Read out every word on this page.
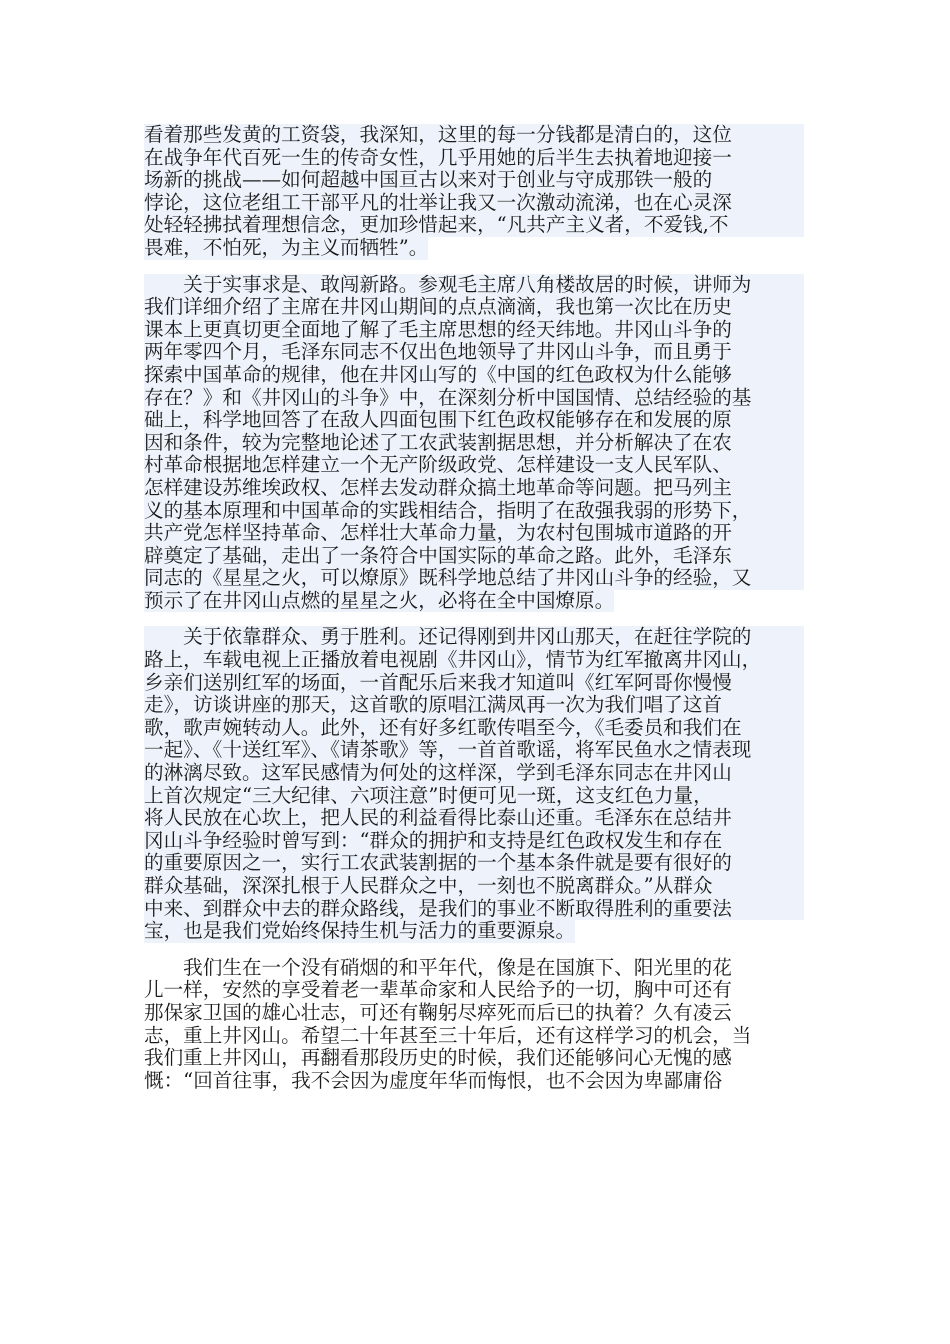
看着那些发黄的工资袋，我深知，这里的每一分钱都是清白的，这位
在战争年代百死一生的传奇女性，几乎用她的后半生去执着地迎接一
场新的挑战——如何超越中国亘古以来对于创业与守成那铁一般的
悖论，这位老组工干部平凡的壮举让我又一次激动流涕，也在心灵深
处轻轻拂拭着理想信念，更加珍惜起来，“凡共产主义者，不爱钱,不
畏难，不怕死，为主义而牺牲”。
　　关于实事求是、敢闯新路。参观毛主席八角楼故居的时候，讲师为
我们详细介绍了主席在井冈山期间的点点滴滴，我也第一次比在历史
课本上更真切更全面地了解了毛主席思想的经天纬地。井冈山斗争的
两年零四个月，毛泽东同志不仅出色地领导了井冈山斗争，而且勇于
探索中国革命的规律，他在井冈山写的《中国的红色政权为什么能够
存在？》和《井冈山的斗争》中，在深刻分析中国国情、总结经验的基
础上，科学地回答了在敌人四面包围下红色政权能够存在和发展的原
因和条件，较为完整地论述了工农武装割据思想，并分析解决了在农
村革命根据地怎样建立一个无产阶级政党、怎样建设一支人民军队、
怎样建设苏维埃政权、怎样去发动群众搞土地革命等问题。把马列主
义的基本原理和中国革命的实践相结合，指明了在敌强我弱的形势下，
共产党怎样坚持革命、怎样壮大革命力量，为农村包围城市道路的开
辟奠定了基础，走出了一条符合中国实际的革命之路。此外，毛泽东
同志的《星星之火，可以燎原》既科学地总结了井冈山斗争的经验，又
预示了在井冈山点燃的星星之火，必将在全中国燎原。
　　关于依靠群众、勇于胜利。还记得刚到井冈山那天，在赶往学院的
路上，车载电视上正播放着电视剧《井冈山》，情节为红军撤离井冈山，
乡亲们送别红军的场面，一首配乐后来我才知道叫《红军阿哥你慢慢
走》，访谈讲座的那天，这首歌的原唱江满凤再一次为我们唱了这首
歌，歌声婉转动人。此外，还有好多红歌传唱至今，《毛委员和我们在
一起》、《十送红军》、《请茶歌》等，一首首歌谣，将军民鱼水之情表现
的淋漓尽致。这军民感情为何处的这样深，学到毛泽东同志在井冈山
上首次规定“三大纪律、六项注意”时便可见一斑，这支红色力量，
将人民放在心坎上，把人民的利益看得比泰山还重。毛泽东在总结井
冈山斗争经验时曾写到：“群众的拥护和支持是红色政权发生和存在
的重要原因之一，实行工农武装割据的一个基本条件就是要有很好的
群众基础，深深扎根于人民群众之中，一刻也不脱离群众。”从群众
中来、到群众中去的群众路线，是我们的事业不断取得胜利的重要法
宝，也是我们党始终保持生机与活力的重要源泉。
　　我们生在一个没有硝烟的和平年代，像是在国旗下、阳光里的花
儿一样，安然的享受着老一辈革命家和人民给予的一切，胸中可还有
那保家卫国的雄心壮志，可还有鞠躬尽瘁死而后已的执着？久有凌云
志，重上井冈山。希望二十年甚至三十年后，还有这样学习的机会，当
我们重上井冈山，再翻看那段历史的时候，我们还能够问心无愧的感
慨：“回首往事，我不会因为虚度年华而悔恨，也不会因为卑鄙庸俗
